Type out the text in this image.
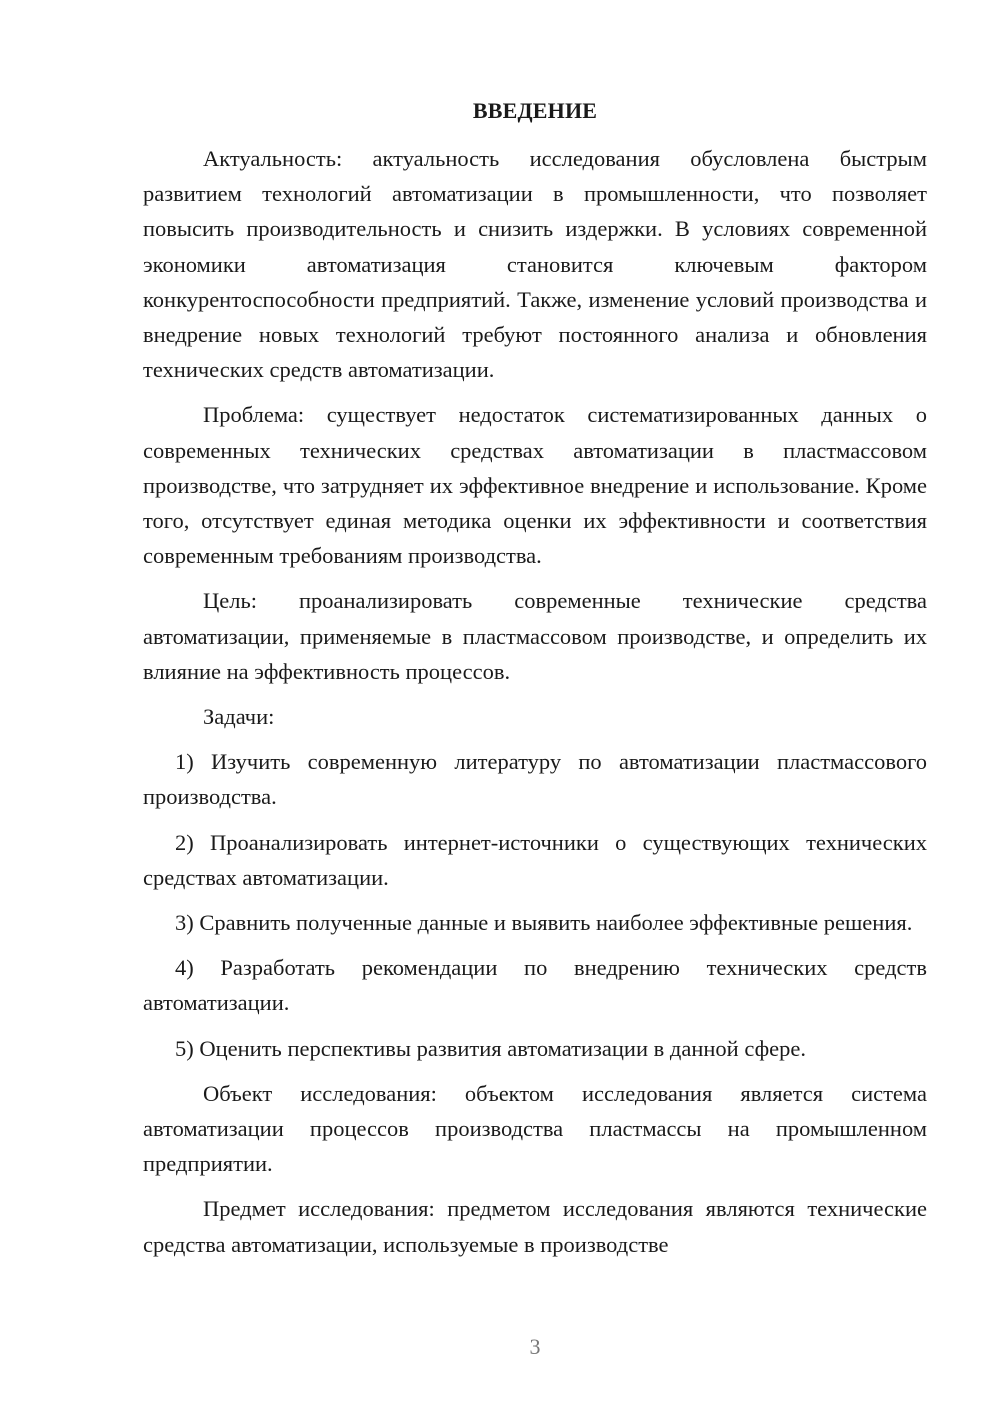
ВВЕДЕНИЕ

Актуальность: актуальность исследования обусловлена быстрым развитием технологий автоматизации в промышленности, что позволяет повысить производительность и снизить издержки. В условиях современной экономики автоматизация становится ключевым фактором конкурентоспособности предприятий. Также, изменение условий производства и внедрение новых технологий требуют постоянного анализа и обновления технических средств автоматизации.

Проблема: существует недостаток систематизированных данных о современных технических средствах автоматизации в пластмассовом производстве, что затрудняет их эффективное внедрение и использование. Кроме того, отсутствует единая методика оценки их эффективности и соответствия современным требованиям производства.

Цель: проанализировать современные технические средства автоматизации, применяемые в пластмассовом производстве, и определить их влияние на эффективность процессов.

Задачи:

1) Изучить современную литературу по автоматизации пластмассового производства.

2) Проанализировать интернет-источники о существующих технических средствах автоматизации.

3) Сравнить полученные данные и выявить наиболее эффективные решения.

4) Разработать рекомендации по внедрению технических средств автоматизации.

5) Оценить перспективы развития автоматизации в данной сфере.

Объект исследования: объектом исследования является система автоматизации процессов производства пластмассы на промышленном предприятии.

Предмет исследования: предметом исследования являются технические средства автоматизации, используемые в производстве

3
